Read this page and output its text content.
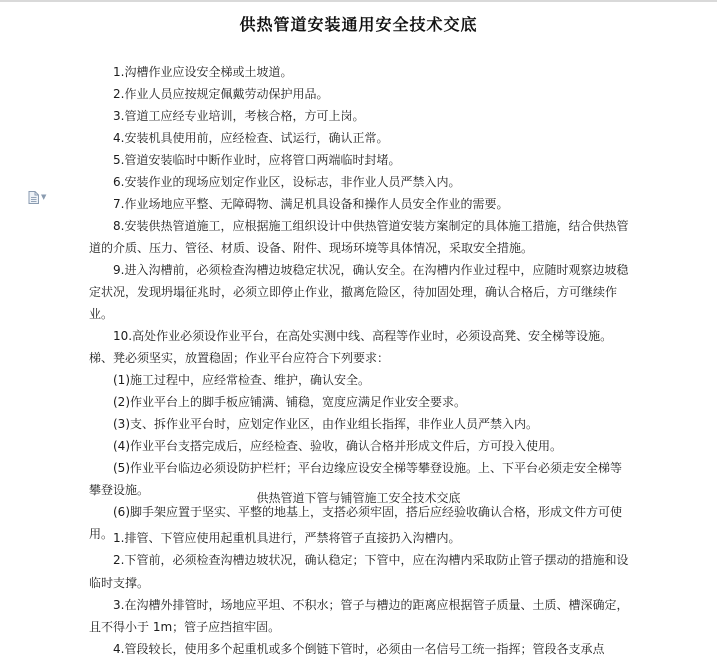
供热管道安装通用安全技术交底
▼

1.沟槽作业应设安全梯或土坡道。

2.作业人员应按规定佩戴劳动保护用品。

3.管道工应经专业培训，考核合格，方可上岗。

4.安装机具使用前，应经检查、试运行，确认正常。

5.管道安装临时中断作业时，应将管口两端临时封堵。

6.安装作业的现场应划定作业区，设标志，非作业人员严禁入内。

7.作业场地应平整、无障碍物、满足机具设备和操作人员安全作业的需要。

8.安装供热管道施工，应根据施工组织设计中供热管道安装方案制定的具体施工措施，结合供热管道的介质、压力、管径、材质、设备、附件、现场环境等具体情况，采取安全措施。

9.进入沟槽前，必须检查沟槽边坡稳定状况，确认安全。在沟槽内作业过程中，应随时观察边坡稳定状况，发现坍塌征兆时，必须立即停止作业，撤离危险区，待加固处理，确认合格后，方可继续作业。

10.高处作业必须设作业平台，在高处实测中线、高程等作业时，必须设高凳、安全梯等设施。梯、凳必须坚实，放置稳固；作业平台应符合下列要求：

(1)施工过程中，应经常检查、维护，确认安全。

(2)作业平台上的脚手板应铺满、铺稳，宽度应满足作业安全要求。

(3)支、拆作业平台时，应划定作业区，由作业组长指挥，非作业人员严禁入内。

(4)作业平台支搭完成后，应经检查、验收，确认合格并形成文件后，方可投入使用。

(5)作业平台临边必须设防护栏杆；平台边缘应设安全梯等攀登设施。上、下平台必须走安全梯等攀登设施。

(6)脚手架应置于坚实、平整的地基上，支搭必须牢固，搭后应经验收确认合格，形成文件方可使用。

供热管道下管与铺管施工安全技术交底

1.排管、下管应使用起重机具进行，严禁将管子直接扔入沟槽内。

2.下管前，必须检查沟槽边坡状况，确认稳定；下管中，应在沟槽内采取防止管子摆动的措施和设临时支撑。

3.在沟槽外排管时，场地应平坦、不积水；管子与槽边的距离应根据管子质量、土质、槽深确定，且不得小于 1m；管子应挡揎牢固。

4.管段较长，使用多个起重机或多个倒链下管时，必须由一名信号工统一指挥；管段各支承点
